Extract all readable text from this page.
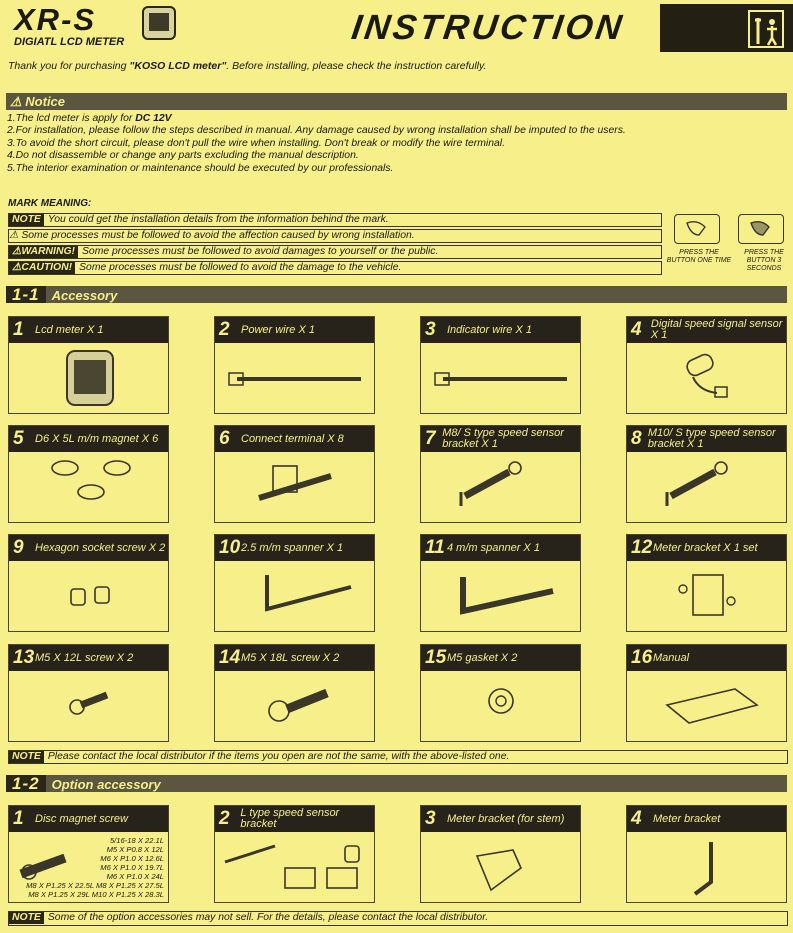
XR-S
DIGIATL LCD METER	INSTRUCTION
Thank you for purchasing "KOSO LCD meter". Before installing, please check the instruction carefully.
⚠ Notice
1.The lcd meter is apply for DC 12V
2.For installation, please follow the steps described in manual. Any damage caused by wrong installation shall be imputed to the users.
3.To avoid the short circuit, please don't pull the wire when installing. Don't break or modify the wire terminal.
4.Do not disassemble or change any parts excluding the manual description.
5.The interior examination or maintenance should be executed by our professionals.
MARK MEANING:
NOTE You could get the installation details from the information behind the mark.
⚠ Some processes must be followed to avoid the affection caused by wrong installation.
⚠WARNING! Some processes must be followed to avoid damages to yourself or the public.
⚠CAUTION! Some processes must be followed to avoid the damage to the vehicle.
PRESS THE BUTTON ONE TIME
PRESS THE BUTTON 3 SECONDS
1-1 Accessory
1	Lcd meter X 1	2	Power wire X 1	3	Indicator wire X 1	4 Digital speed signal sensor X 1
5	D6 X 5L m/m magnet X 6	6	Connect terminal X 8	7 M8/ S type speed sensor bracket X 1	8 M10/ S type speed sensor bracket X 1
9	Hexagon socket screw X 2	10 2.5 m/m spanner X 1	11 4 m/m spanner X 1	12 Meter bracket X 1 set
13 M5 X 12L screw X 2	14 M5 X 18L screw X 2	15 M5 gasket X 2	16 Manual
NOTE Please contact the local distributor if the items you open are not the same, with the above-listed one.
1-2 Option accessory
1	Disc magnet screw
5/16-18 X 22.1L
M5 X P0.8 X 12L
M6 X P1.0 X 12.6L
M6 X P1.0 X 19.7L
M6 X P1.0 X 24L
M8 X P1.25 X 22.5L M8 X P1.25 X 27.5L
M8 X P1.25 X 29L M10 X P1.25 X 28.3L
2 L type speed sensor bracket	3	Meter bracket (for stem)	4	Meter bracket
NOTE Some of the option accessories may not sell. For the details, please contact the local distributor.
